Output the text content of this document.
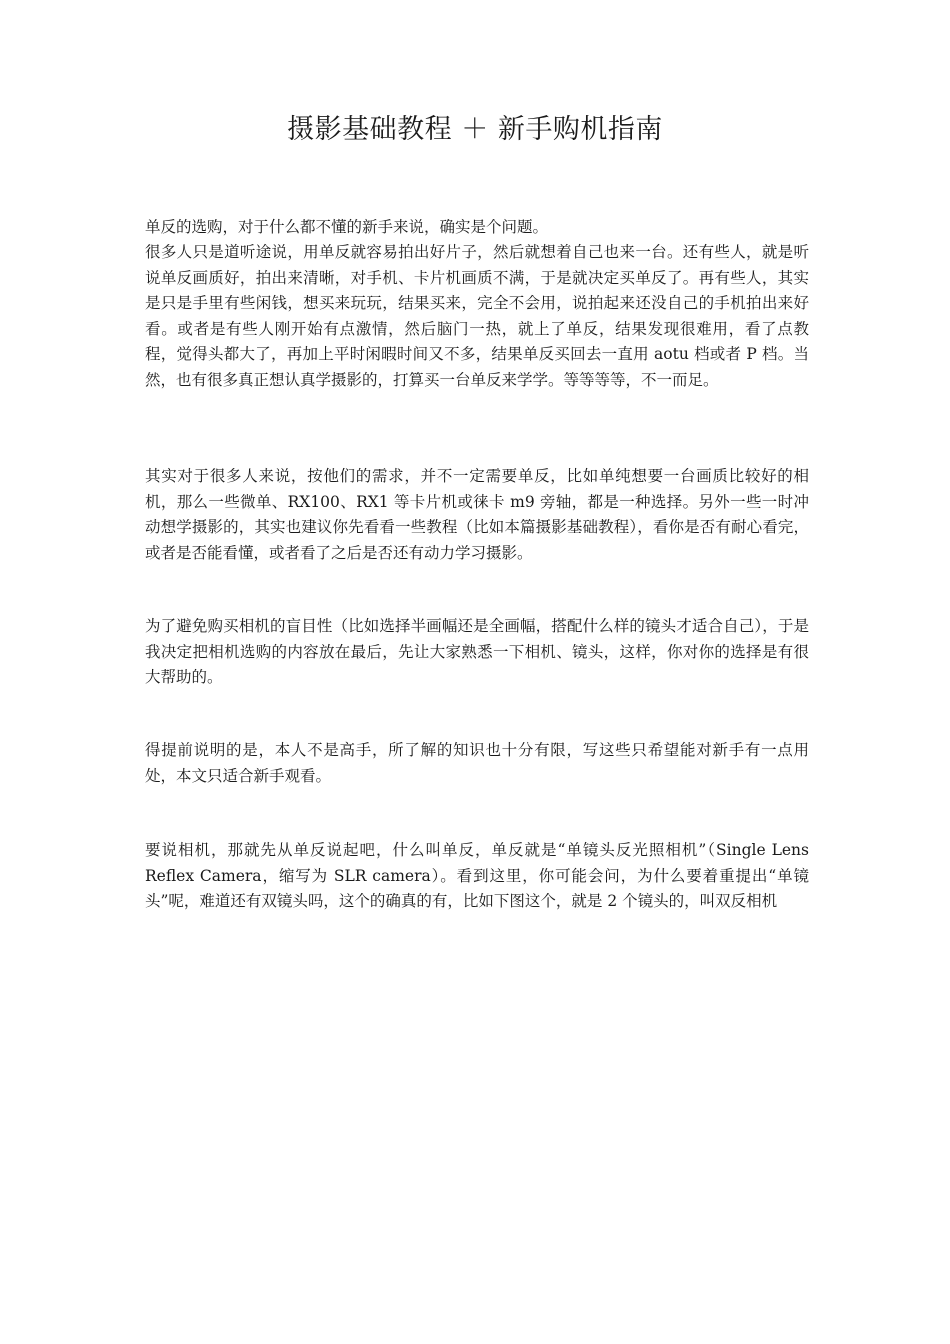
摄影基础教程 ＋ 新手购机指南

单反的选购，对于什么都不懂的新手来说，确实是个问题。

很多人只是道听途说，用单反就容易拍出好片子，然后就想着自己也来一台。还有些人，就是听说单反画质好，拍出来清晰，对手机、卡片机画质不满，于是就决定买单反了。再有些人，其实是只是手里有些闲钱，想买来玩玩，结果买来，完全不会用，说拍起来还没自己的手机拍出来好看。或者是有些人刚开始有点激情，然后脑门一热，就上了单反，结果发现很难用，看了点教程，觉得头都大了，再加上平时闲暇时间又不多，结果单反买回去一直用 aotu 档或者 P 档。当然，也有很多真正想认真学摄影的，打算买一台单反来学学。等等等等，不一而足。

其实对于很多人来说，按他们的需求，并不一定需要单反，比如单纯想要一台画质比较好的相机，那么一些微单、RX100、RX1 等卡片机或徕卡 m9 旁轴，都是一种选择。另外一些一时冲动想学摄影的，其实也建议你先看看一些教程（比如本篇摄影基础教程），看你是否有耐心看完，或者是否能看懂，或者看了之后是否还有动力学习摄影。

为了避免购买相机的盲目性（比如选择半画幅还是全画幅，搭配什么样的镜头才适合自己），于是我决定把相机选购的内容放在最后，先让大家熟悉一下相机、镜头，这样，你对你的选择是有很大帮助的。

得提前说明的是，本人不是高手，所了解的知识也十分有限，写这些只希望能对新手有一点用处，本文只适合新手观看。

要说相机，那就先从单反说起吧，什么叫单反，单反就是“单镜头反光照相机”（Single Lens Reflex Camera，缩写为 SLR camera）。看到这里，你可能会问，为什么要着重提出“单镜头”呢，难道还有双镜头吗，这个的确真的有，比如下图这个，就是 2 个镜头的，叫双反相机
